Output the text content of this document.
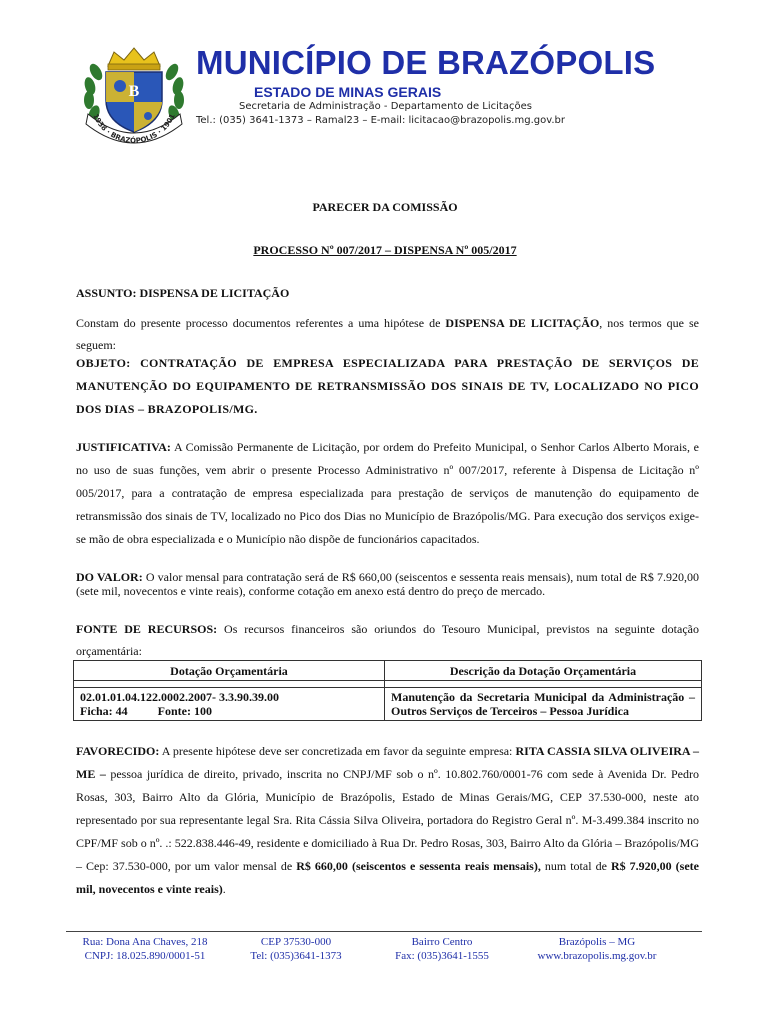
B
1938 · BRAZÓPOLIS · 1901
MUNICÍPIO DE BRAZÓPOLIS
ESTADO DE MINAS GERAIS
Secretaria de Administração - Departamento de Licitações
Tel.: (035) 3641-1373 – Ramal23 – E-mail: licitacao@brazopolis.mg.gov.br
PARECER DA COMISSÃO
PROCESSO Nº 007/2017 – DISPENSA Nº 005/2017
ASSUNTO: DISPENSA DE LICITAÇÃO
Constam do presente processo documentos referentes a uma hipótese de DISPENSA DE LICITAÇÃO, nos termos que se seguem:
OBJETO: CONTRATAÇÃO DE EMPRESA ESPECIALIZADA PARA PRESTAÇÃO DE SERVIÇOS DE MANUTENÇÃO DO EQUIPAMENTO DE RETRANSMISSÃO DOS SINAIS DE TV, LOCALIZADO NO PICO DOS DIAS – BRAZOPOLIS/MG.
JUSTIFICATIVA: A Comissão Permanente de Licitação, por ordem do Prefeito Municipal, o Senhor Carlos Alberto Morais, e no uso de suas funções, vem abrir o presente Processo Administrativo nº 007/2017, referente à Dispensa de Licitação nº 005/2017, para a contratação de empresa especializada para prestação de serviços de manutenção do equipamento de retransmissão dos sinais de TV, localizado no Pico dos Dias no Município de Brazópolis/MG. Para execução dos serviços exige-se mão de obra especializada e o Município não dispõe de funcionários capacitados.
DO VALOR: O valor mensal para contratação será de R$ 660,00 (seiscentos e sessenta reais mensais), num total de R$ 7.920,00 (sete mil, novecentos e vinte reais), conforme cotação em anexo está dentro do preço de mercado.
FONTE DE RECURSOS: Os recursos financeiros são oriundos do Tesouro Municipal, previstos na seguinte dotação orçamentária:
Dotação Orçamentária	Descrição da Dotação Orçamentária

02.01.01.04.122.0002.2007- 3.3.90.39.00
Ficha: 44 Fonte: 100	Manutenção da Secretaria Municipal da Administração – Outros Serviços de Terceiros – Pessoa Jurídica
FAVORECIDO: A presente hipótese deve ser concretizada em favor da seguinte empresa: RITA CASSIA SILVA OLIVEIRA – ME – pessoa jurídica de direito, privado, inscrita no CNPJ/MF sob o nº. 10.802.760/0001-76 com sede à Avenida Dr. Pedro Rosas, 303, Bairro Alto da Glória, Município de Brazópolis, Estado de Minas Gerais/MG, CEP 37.530-000, neste ato representado por sua representante legal Sra. Rita Cássia Silva Oliveira, portadora do Registro Geral nº. M-3.499.384 inscrito no CPF/MF sob o nº. .: 522.838.446-49, residente e domiciliado à Rua Dr. Pedro Rosas, 303, Bairro Alto da Glória – Brazópolis/MG – Cep: 37.530-000, por um valor mensal de R$ 660,00 (seiscentos e sessenta reais mensais), num total de R$ 7.920,00 (sete mil, novecentos e vinte reais).
Rua: Dona Ana Chaves, 218
CNPJ: 18.025.890/0001-51
CEP 37530-000
Tel: (035)3641-1373
Bairro Centro
Fax: (035)3641-1555
Brazópolis – MG
www.brazopolis.mg.gov.br
